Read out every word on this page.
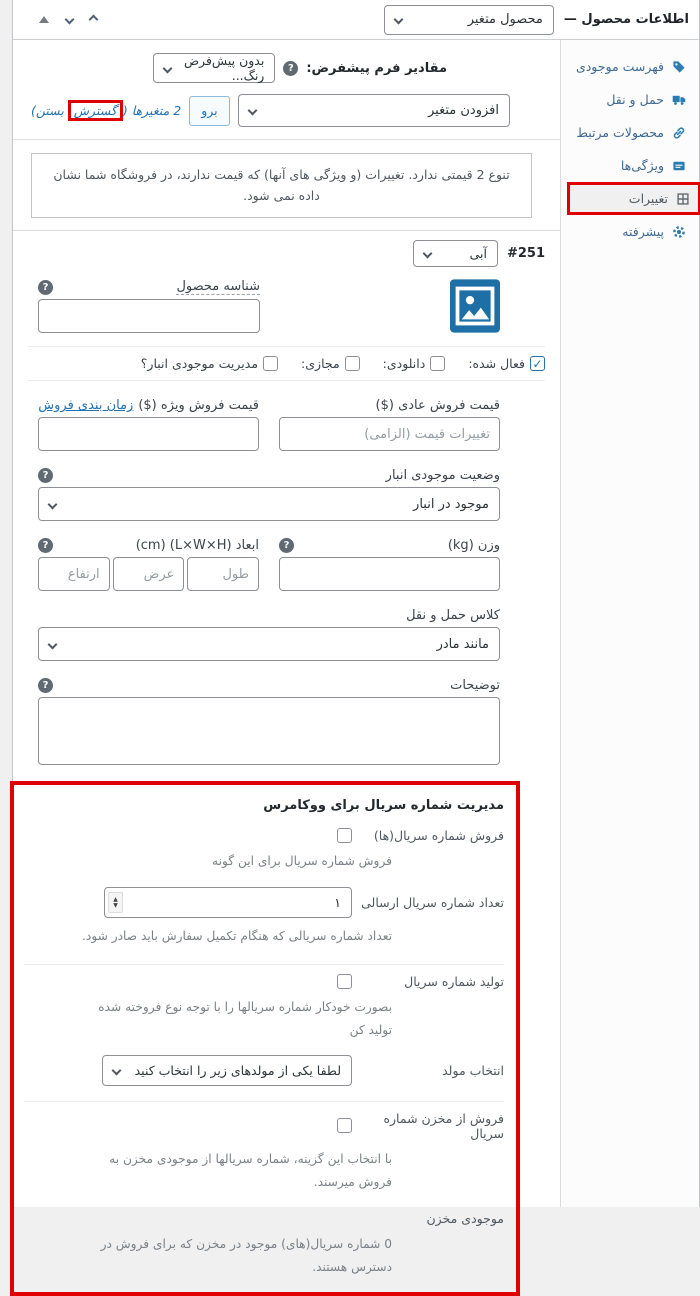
اطلاعات محصول —
محصول متغیر
فهرست موجودی
حمل و نقل
محصولات مرتبط
ویژگی‌ها
تغییرات
پیشرفته
مقادیر فرم پیشفرض:
?
بدون پیش‌فرض رنگ...
افزودن متغیر
برو
2 متغیرها (گسترش بستن)
تنوع 2 قیمتی ندارد. تغییرات (و ویژگی های آنها) که قیمت ندارند، در فروشگاه شما نشان داده نمی شود.
#251
آبی
شناسه محصول
?
✓
فعال شده:
دانلودی:
مجازی:
مدیریت موجودی انبار؟
قیمت فروش عادی ($)
تغییرات قیمت (الزامی)
قیمت فروش ویژه ($)
زمان بندی فروش
وضعیت موجودی انبار
?
موجود در انبار
وزن (kg)
?
ابعاد (L×W×H) (cm)
?
طول
عرض
ارتفاع
کلاس حمل و نقل
مانند مادر
توضیحات
?
مدیریت شماره سریال برای ووکامرس
فروش شماره سریال(ها)
فروش شماره سریال برای این گونه
تعداد شماره سریال ارسالی
۱
▲
▼
تعداد شماره سریالی که هنگام تکمیل سفارش باید صادر شود.
تولید شماره سریال
بصورت خودکار شماره سریالها را با توجه نوع فروخته شده تولید کن
انتخاب مولد
لطفا یکی از مولدهای زیر را انتخاب کنید
فروش از مخزن شماره سریال
با انتخاب این گزینه، شماره سریالها از موجودی مخزن به فروش میرسند.
موجودی مخزن
0 شماره سریال(های) موجود در مخزن که برای فروش در دسترس هستند.
